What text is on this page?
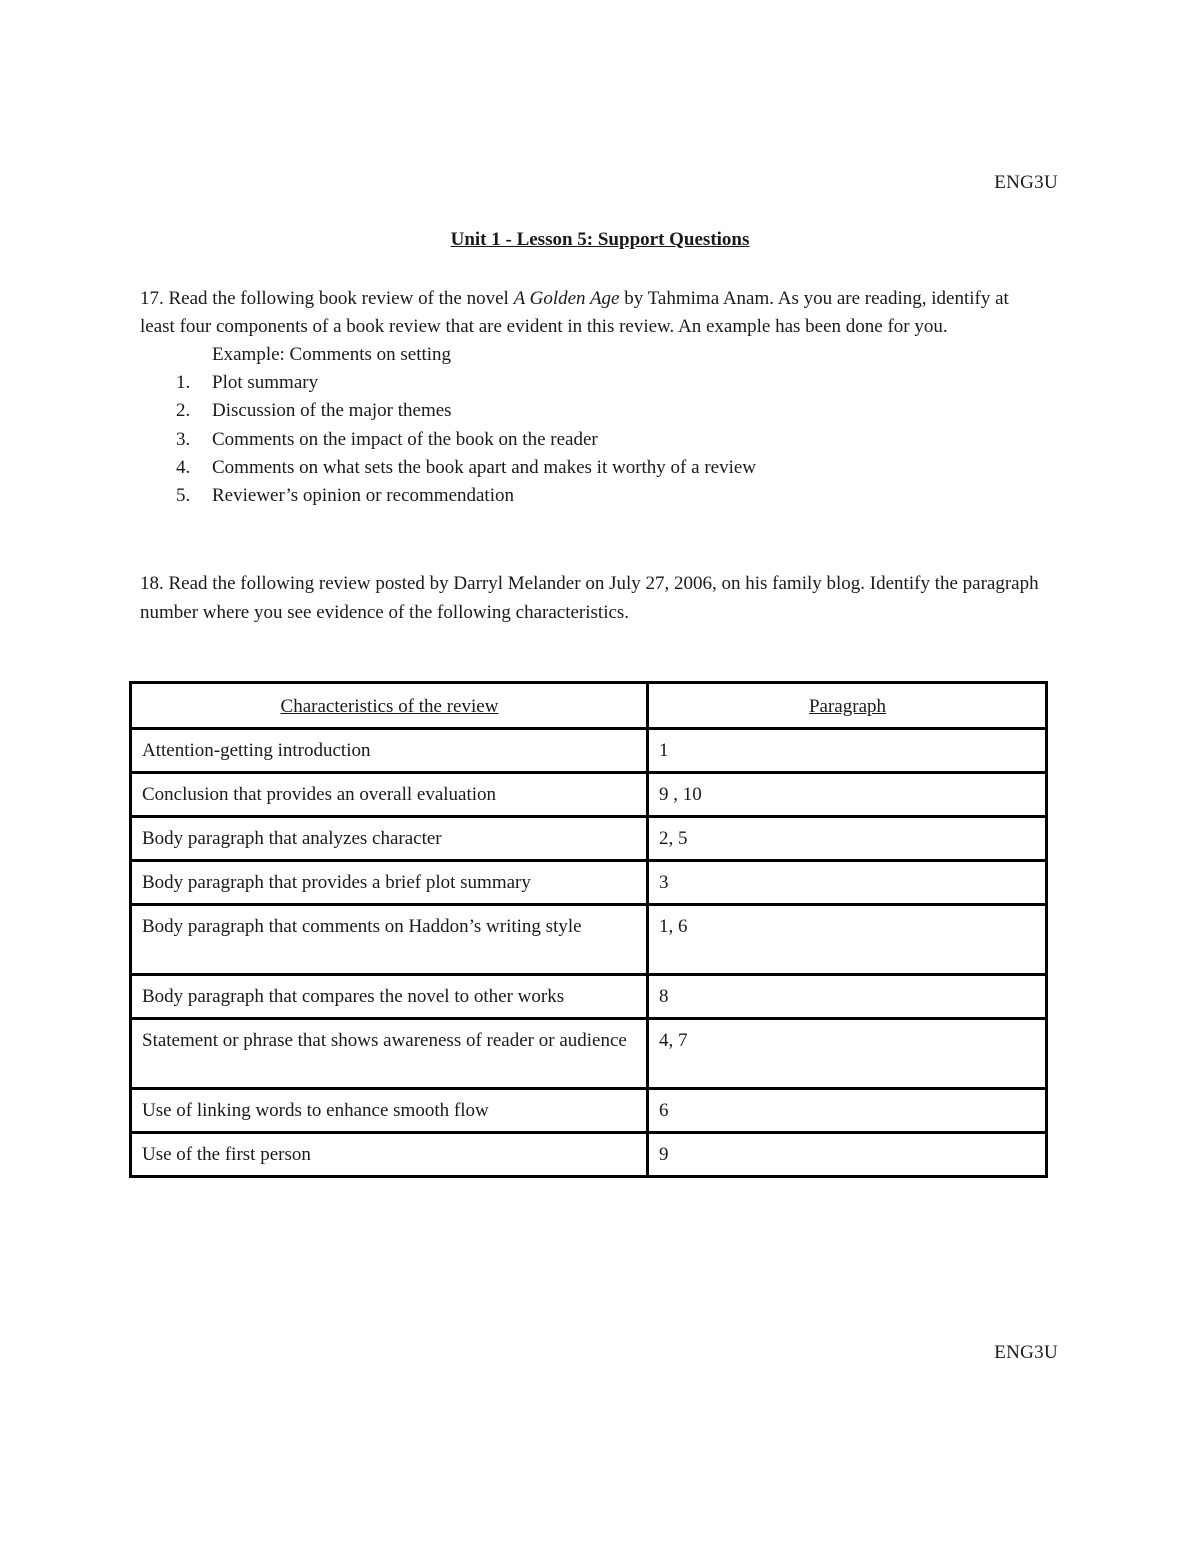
ENG3U
Unit 1 - Lesson 5: Support Questions

17. Read the following book review of the novel A Golden Age by Tahmima Anam. As you are reading, identify at least four components of a book review that are evident in this review. An example has been done for you.

Example: Comments on setting

1.	Plot summary
2.	Discussion of the major themes
3.	Comments on the impact of the book on the reader
4.	Comments on what sets the book apart and makes it worthy of a review
5.	Reviewer’s opinion or recommendation

18. Read the following review posted by Darryl Melander on July 27, 2006, on his family blog. Identify the paragraph number where you see evidence of the following characteristics.

Characteristics of the review	Paragraph
Attention-getting introduction	1
Conclusion that provides an overall evaluation	9 , 10
Body paragraph that analyzes character	2, 5
Body paragraph that provides a brief plot summary	3
Body paragraph that comments on Haddon’s writing style	1, 6
Body paragraph that compares the novel to other works	8
Statement or phrase that shows awareness of reader or audience	4, 7
Use of linking words to enhance smooth flow	6
Use of the first person	9
ENG3U
